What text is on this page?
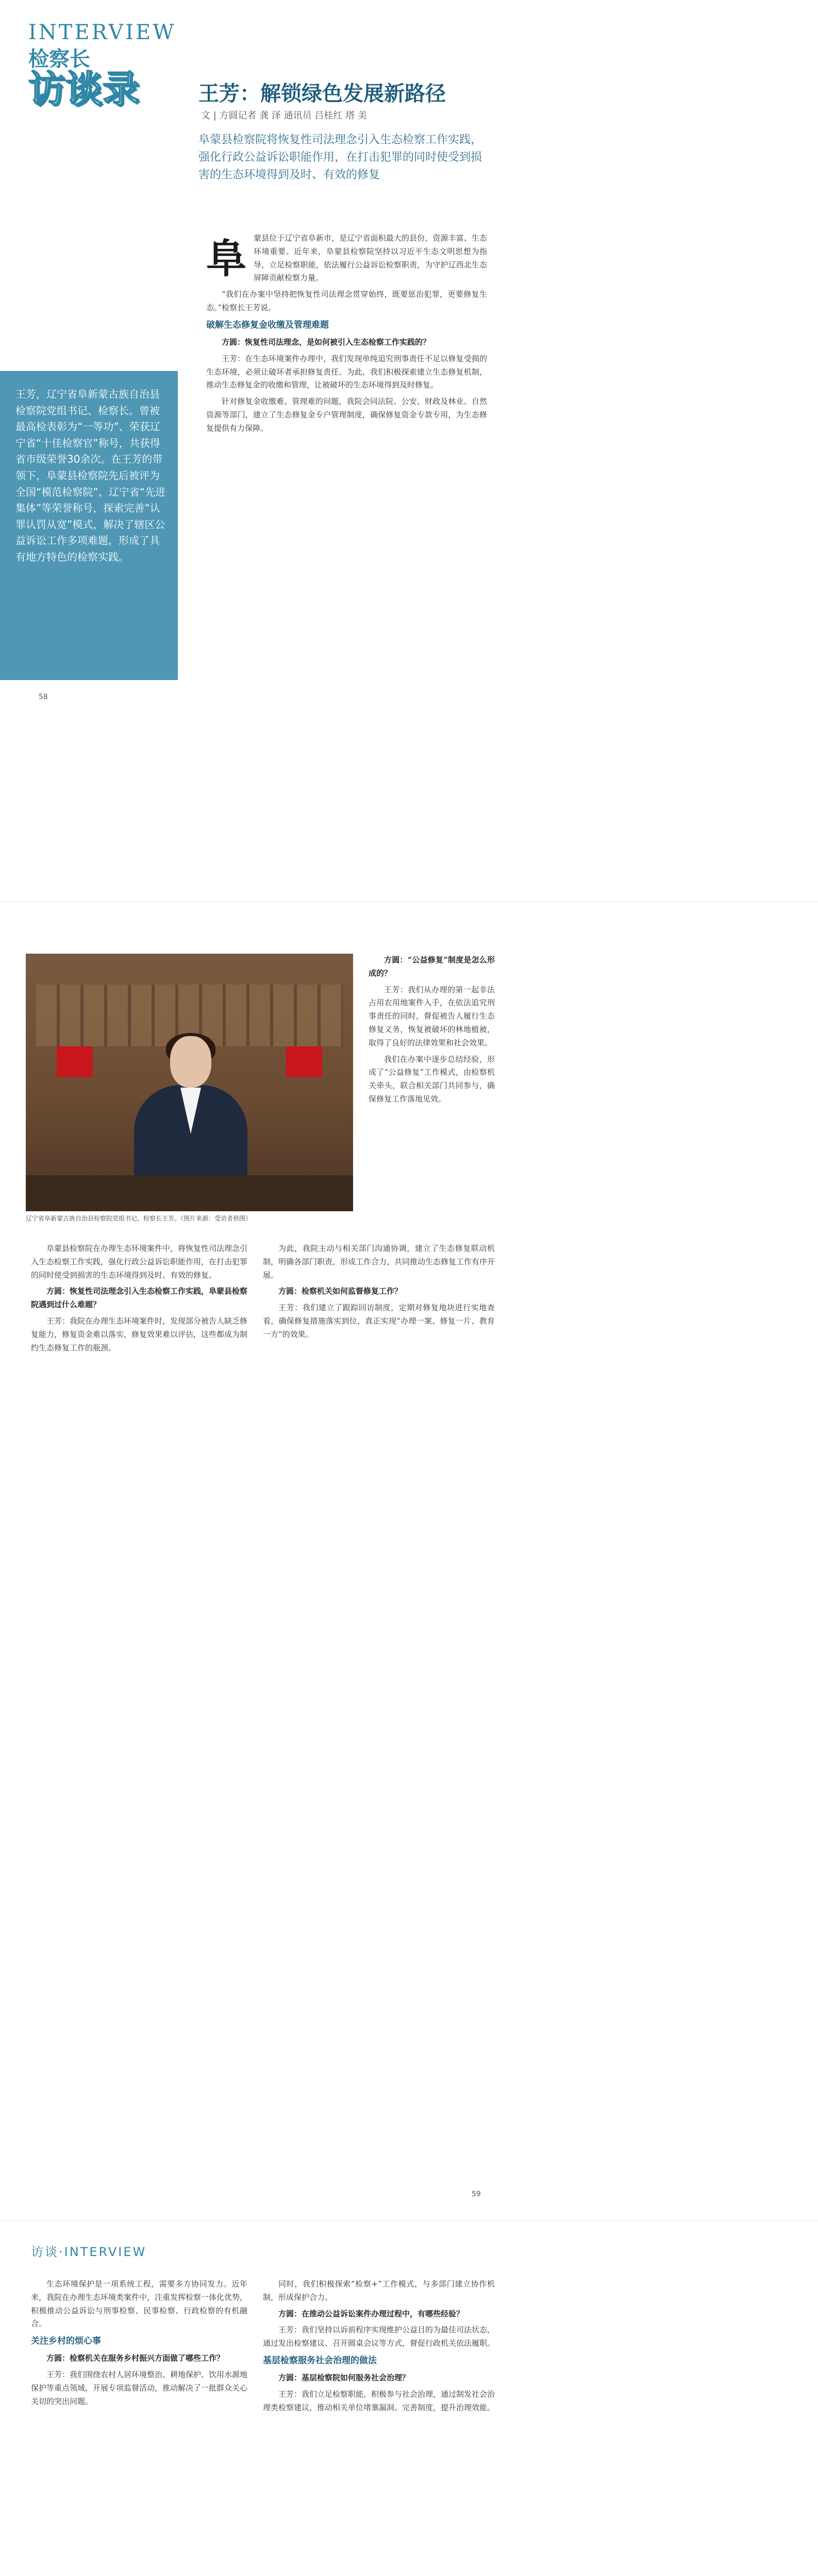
INTERVIEW
检察长
访谈录	王芳：解锁绿色发展新路径
文 | 方圆记者 龚 泽 通讯员 吕桂红 塔 美
阜蒙县检察院将恢复性司法理念引入生态检察工作实践，强化行政公益诉讼职能作用，在打击犯罪的同时使受到损害的生态环境得到及时、有效的修复
阜 蒙县位于辽宁省阜新市，是辽宁省面积最大的县份，资源丰富、生态环境重要。近年来，阜蒙县检察院坚持以习近平生态文明思想为指导，立足检察职能，依法履行公益诉讼检察职责，为守护辽西北生态屏障贡献检察力量。

“我们在办案中坚持把恢复性司法理念贯穿始终，既要惩治犯罪，更要修复生态。”检察长王芳说。

破解生态修复金收缴及管理难题

方圆：恢复性司法理念，是如何被引入生态检察工作实践的？

王芳：在生态环境案件办理中，我们发现单纯追究刑事责任不足以修复受损的生态环境，必须让破坏者承担修复责任。为此，我们积极探索建立生态修复机制，推动生态修复金的收缴和管理，让被破坏的生态环境得到及时修复。

针对修复金收缴难、管理难的问题，我院会同法院、公安、财政及林业、自然资源等部门，建立了生态修复金专户管理制度，确保修复资金专款专用，为生态修复提供有力保障。

王芳，辽宁省阜新蒙古族自治县检察院党组书记、检察长。曾被最高检表彰为“一等功”、荣获辽宁省“十佳检察官”称号，共获得省市级荣誉30余次。在王芳的带领下，阜蒙县检察院先后被评为全国“模范检察院”、辽宁省“先进集体”等荣誉称号，探索完善“认罪认罚从宽”模式，解决了辖区公益诉讼工作多项难题，形成了具有地方特色的检察实践。
58
辽宁省阜新蒙古族自治县检察院党组书记、检察长王芳。（图片来源：受访者供图）

方圆：“公益修复”制度是怎么形成的？

王芳：我们从办理的第一起非法占用农用地案件入手，在依法追究刑事责任的同时，督促被告人履行生态修复义务，恢复被破坏的林地植被，取得了良好的法律效果和社会效果。

我们在办案中逐步总结经验，形成了“公益修复”工作模式，由检察机关牵头，联合相关部门共同参与，确保修复工作落地见效。

阜蒙县检察院在办理生态环境案件中，将恢复性司法理念引入生态检察工作实践，强化行政公益诉讼职能作用，在打击犯罪的同时使受到损害的生态环境得到及时、有效的修复。

方圆：恢复性司法理念引入生态检察工作实践，阜蒙县检察院遇到过什么难题？

王芳：我院在办理生态环境案件时，发现部分被告人缺乏修复能力，修复资金难以落实，修复效果难以评估，这些都成为制约生态修复工作的瓶颈。

为此，我院主动与相关部门沟通协调，建立了生态修复联动机制，明确各部门职责，形成工作合力，共同推动生态修复工作有序开展。

方圆：检察机关如何监督修复工作？

王芳：我们建立了跟踪回访制度，定期对修复地块进行实地查看，确保修复措施落实到位，真正实现“办理一案、修复一片、教育一方”的效果。

59
访谈·INTERVIEW

生态环境保护是一项系统工程，需要多方协同发力。近年来，我院在办理生态环境类案件中，注重发挥检察一体化优势，积极推动公益诉讼与刑事检察、民事检察、行政检察的有机融合。

关注乡村的烦心事

方圆：检察机关在服务乡村振兴方面做了哪些工作？

王芳：我们围绕农村人居环境整治、耕地保护、饮用水源地保护等重点领域，开展专项监督活动，推动解决了一批群众关心关切的突出问题。

同时，我们积极探索“检察+”工作模式，与多部门建立协作机制，形成保护合力。

方圆：在推动公益诉讼案件办理过程中，有哪些经验？

王芳：我们坚持以诉前程序实现维护公益目的为最佳司法状态，通过发出检察建议、召开圆桌会议等方式，督促行政机关依法履职。

基层检察服务社会治理的做法

方圆：基层检察院如何服务社会治理？

王芳：我们立足检察职能，积极参与社会治理，通过制发社会治理类检察建议，推动相关单位堵塞漏洞、完善制度，提升治理效能。
